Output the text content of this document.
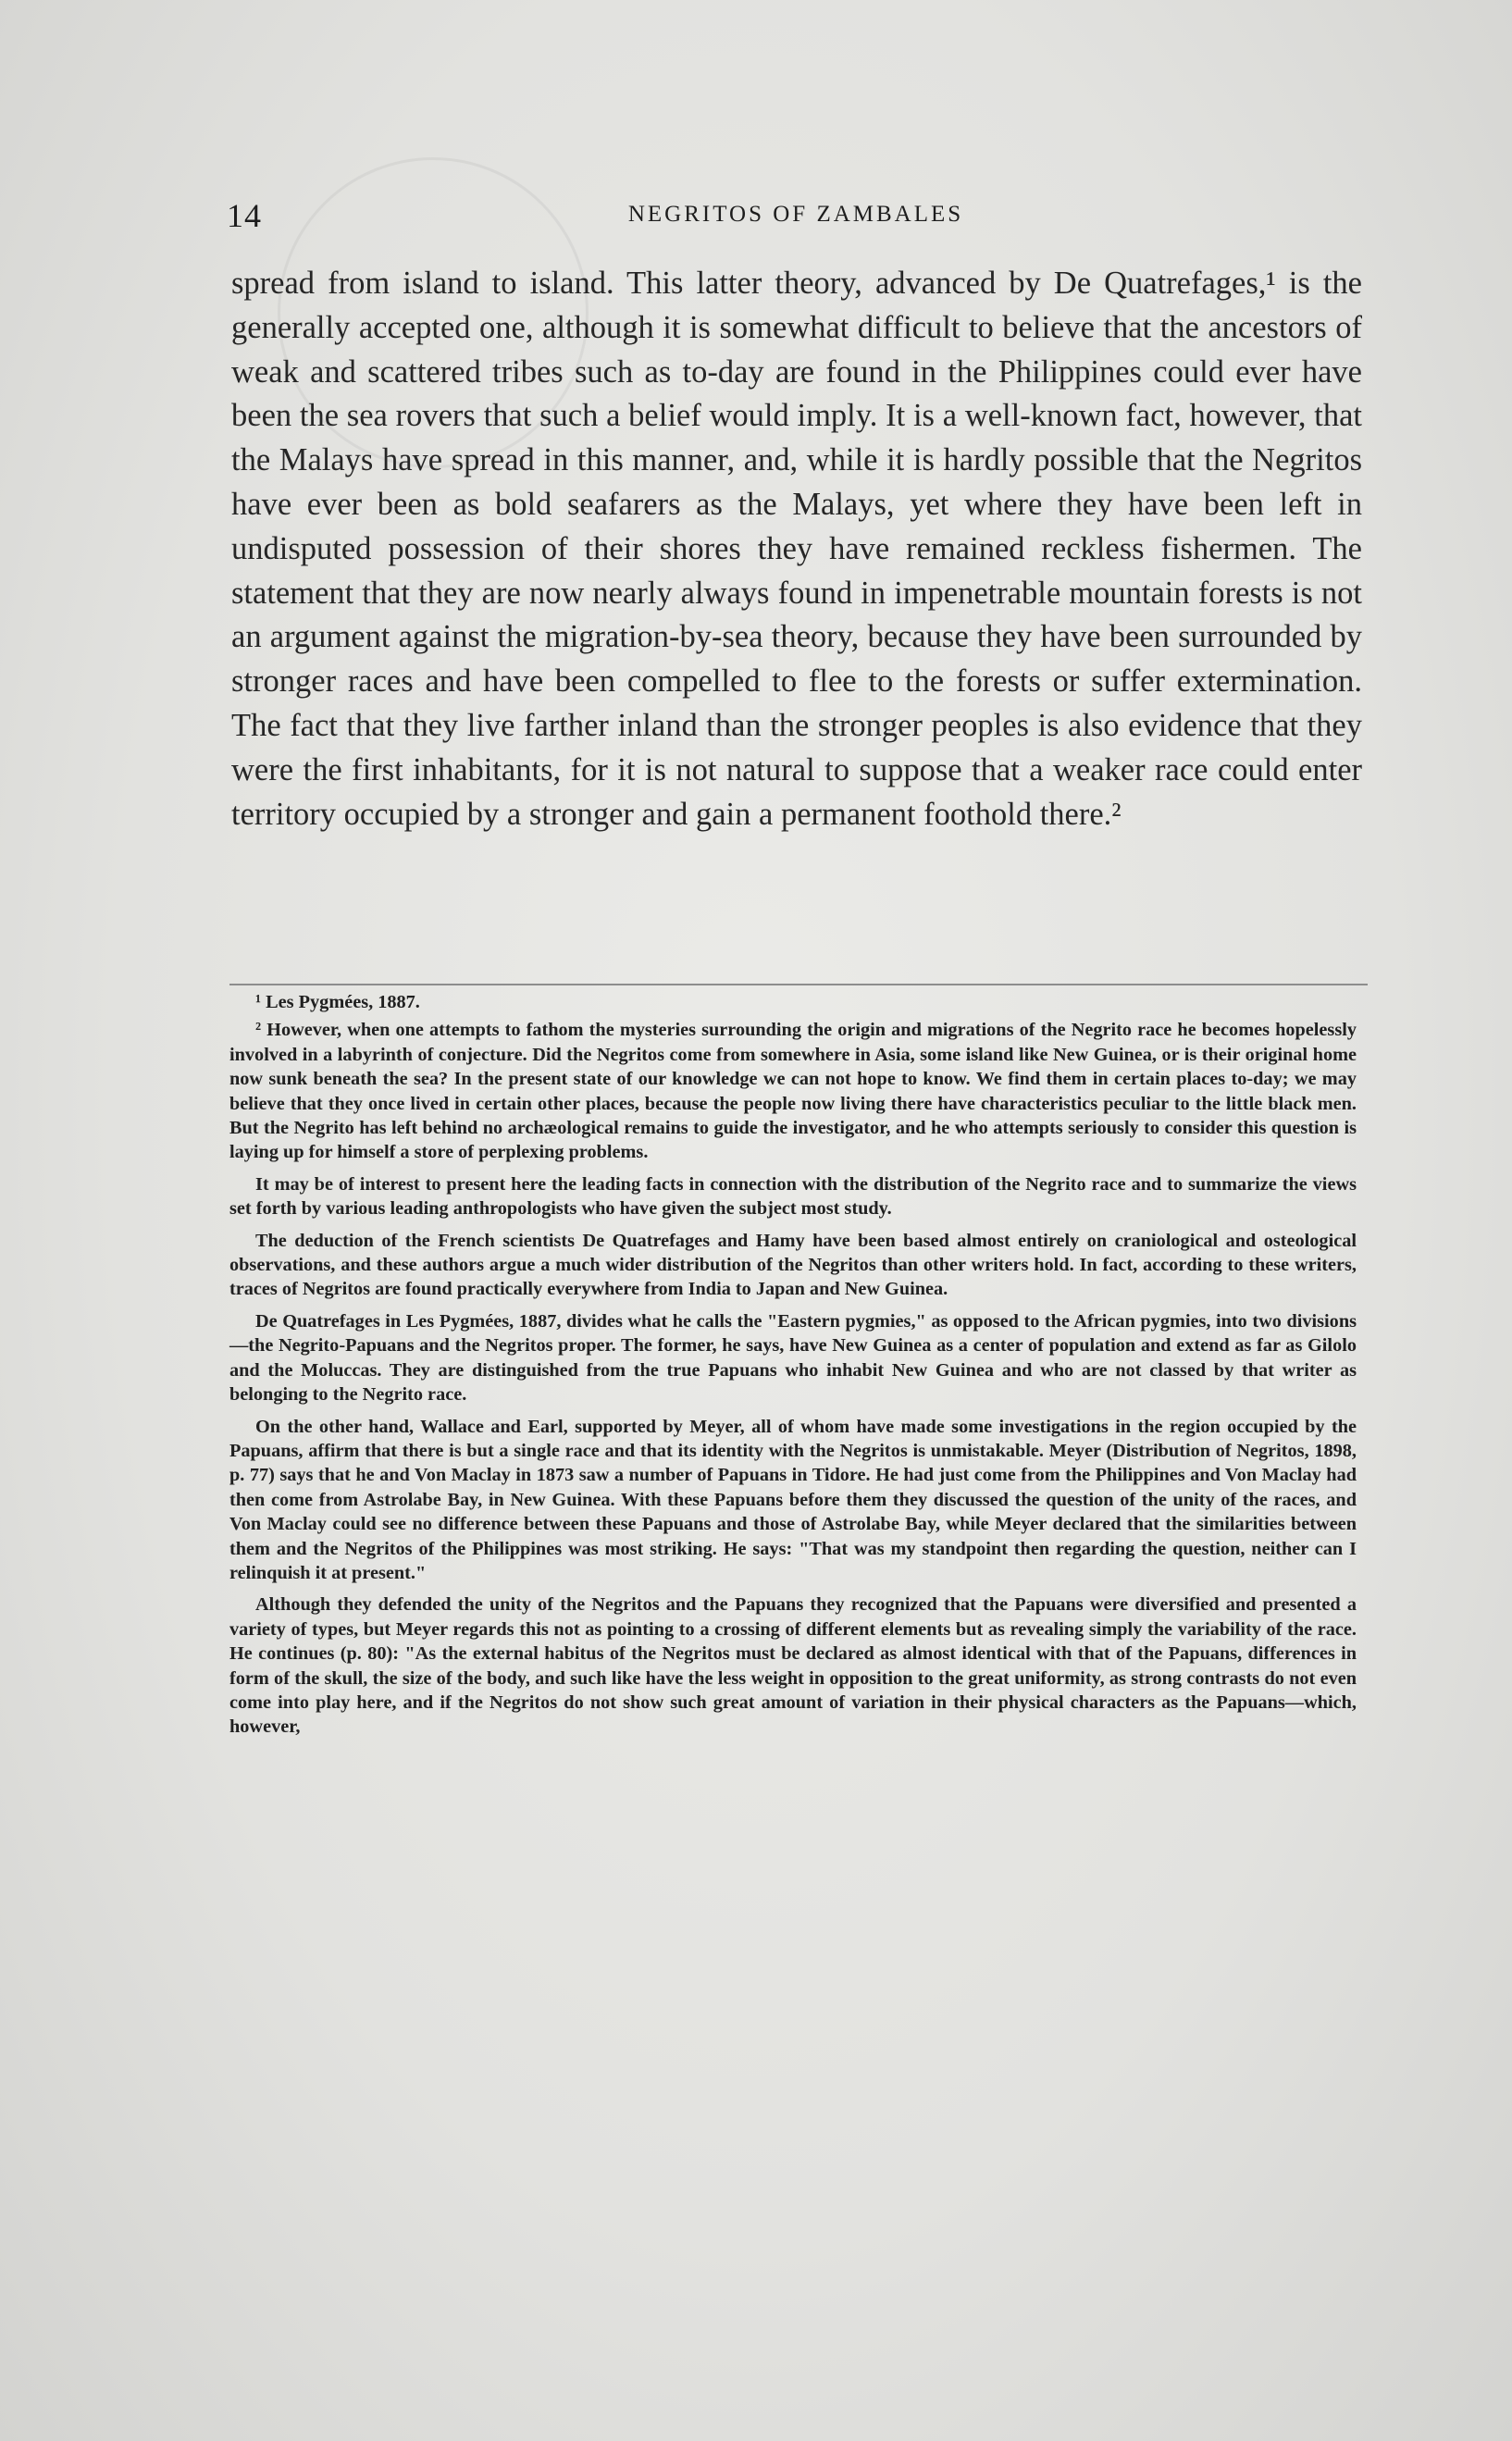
14	NEGRITOS OF ZAMBALES

spread from island to island. This latter theory, advanced by De Quatrefages,¹ is the generally accepted one, although it is somewhat difficult to believe that the ancestors of weak and scattered tribes such as to-day are found in the Philippines could ever have been the sea rovers that such a belief would imply. It is a well-known fact, however, that the Malays have spread in this manner, and, while it is hardly possible that the Negritos have ever been as bold seafarers as the Malays, yet where they have been left in undisputed possession of their shores they have remained reckless fishermen. The statement that they are now nearly always found in impenetrable mountain forests is not an argument against the migration-by-sea theory, because they have been surrounded by stronger races and have been compelled to flee to the forests or suffer extermination. The fact that they live farther inland than the stronger peoples is also evidence that they were the first inhabitants, for it is not natural to suppose that a weaker race could enter territory occupied by a stronger and gain a permanent foothold there.²

¹ Les Pygmées, 1887.

² However, when one attempts to fathom the mysteries surrounding the origin and migrations of the Negrito race he becomes hopelessly involved in a labyrinth of conjecture. Did the Negritos come from somewhere in Asia, some island like New Guinea, or is their original home now sunk beneath the sea? In the present state of our knowledge we can not hope to know. We find them in certain places to-day; we may believe that they once lived in certain other places, because the people now living there have characteristics peculiar to the little black men. But the Negrito has left behind no archæological remains to guide the investigator, and he who attempts seriously to consider this question is laying up for himself a store of perplexing problems.

It may be of interest to present here the leading facts in connection with the distribution of the Negrito race and to summarize the views set forth by various leading anthropologists who have given the subject most study.

The deduction of the French scientists De Quatrefages and Hamy have been based almost entirely on craniological and osteological observations, and these authors argue a much wider distribution of the Negritos than other writers hold. In fact, according to these writers, traces of Negritos are found practically everywhere from India to Japan and New Guinea.

De Quatrefages in Les Pygmées, 1887, divides what he calls the "Eastern pygmies," as opposed to the African pygmies, into two divisions—the Negrito-Papuans and the Negritos proper. The former, he says, have New Guinea as a center of population and extend as far as Gilolo and the Moluccas. They are distinguished from the true Papuans who inhabit New Guinea and who are not classed by that writer as belonging to the Negrito race.

On the other hand, Wallace and Earl, supported by Meyer, all of whom have made some investigations in the region occupied by the Papuans, affirm that there is but a single race and that its identity with the Negritos is unmistakable. Meyer (Distribution of Negritos, 1898, p. 77) says that he and Von Maclay in 1873 saw a number of Papuans in Tidore. He had just come from the Philippines and Von Maclay had then come from Astrolabe Bay, in New Guinea. With these Papuans before them they discussed the question of the unity of the races, and Von Maclay could see no difference between these Papuans and those of Astrolabe Bay, while Meyer declared that the similarities between them and the Negritos of the Philippines was most striking. He says: "That was my standpoint then regarding the question, neither can I relinquish it at present."

Although they defended the unity of the Negritos and the Papuans they recognized that the Papuans were diversified and presented a variety of types, but Meyer regards this not as pointing to a crossing of different elements but as revealing simply the variability of the race. He continues (p. 80): "As the external habitus of the Negritos must be declared as almost identical with that of the Papuans, differences in form of the skull, the size of the body, and such like have the less weight in opposition to the great uniformity, as strong contrasts do not even come into play here, and if the Negritos do not show such great amount of variation in their physical characters as the Papuans—which, however,
